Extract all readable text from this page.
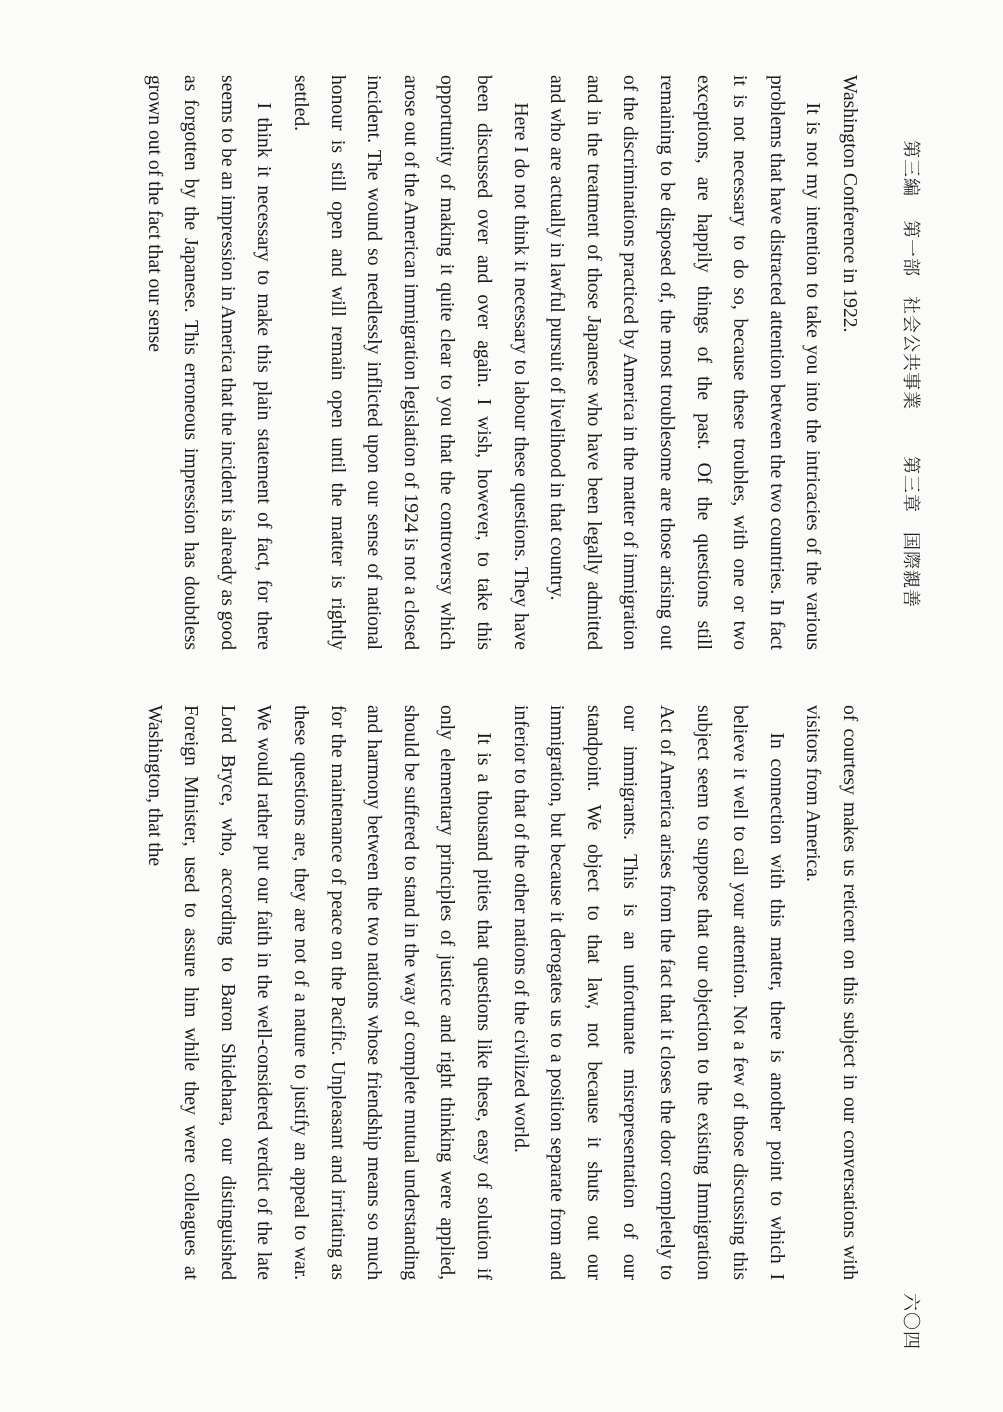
第三編
第一部　社会公共事業
第三章　国際親善
六〇四

Washington Conference in 1922.

It is not my intention to take you into the intricacies of the various problems that have distracted attention between the two countries. In fact it is not necessary to do so, because these troubles, with one or two exceptions, are happily things of the past. Of the questions still remaining to be disposed of, the most troublesome are those arising out of the discriminations practiced by America in the matter of immigration and in the treatment of those Japanese who have been legally admitted and who are actually in lawful pursuit of livelihood in that country.

Here I do not think it necessary to labour these questions. They have been discussed over and over again. I wish, however, to take this opportunity of making it quite clear to you that the controversy which arose out of the American immigration legislation of 1924 is not a closed incident. The wound so needlessly inflicted upon our sense of national honour is still open and will remain open until the matter is rightly settled.

I think it necessary to make this plain statement of fact, for there seems to be an impression in America that the incident is already as good as forgotten by the Japanese. This erroneous impression has doubtless grown out of the fact that our sense

of courtesy makes us reticent on this subject in our conversations with visitors from America.

In connection with this matter, there is another point to which I believe it well to call your attention. Not a few of those discussing this subject seem to suppose that our objection to the existing Immigration Act of America arises from the fact that it closes the door completely to our immigrants. This is an unfortunate misrepresentation of our standpoint. We object to that law, not because it shuts out our immigration, but because it derogates us to a position separate from and inferior to that of the other nations of the civilized world.

It is a thousand pities that questions like these, easy of solution if only elementary principles of justice and right thinking were applied, should be suffered to stand in the way of complete mutual understanding and harmony between the two nations whose friendship means so much for the maintenance of peace on the Pacific. Unpleasant and irritating as these questions are, they are not of a nature to justify an appeal to war. We would rather put our faith in the well-considered verdict of the late Lord Bryce, who, according to Baron Shidehara, our distinguished Foreign Minister, used to assure him while they were colleagues at Washington, that the
